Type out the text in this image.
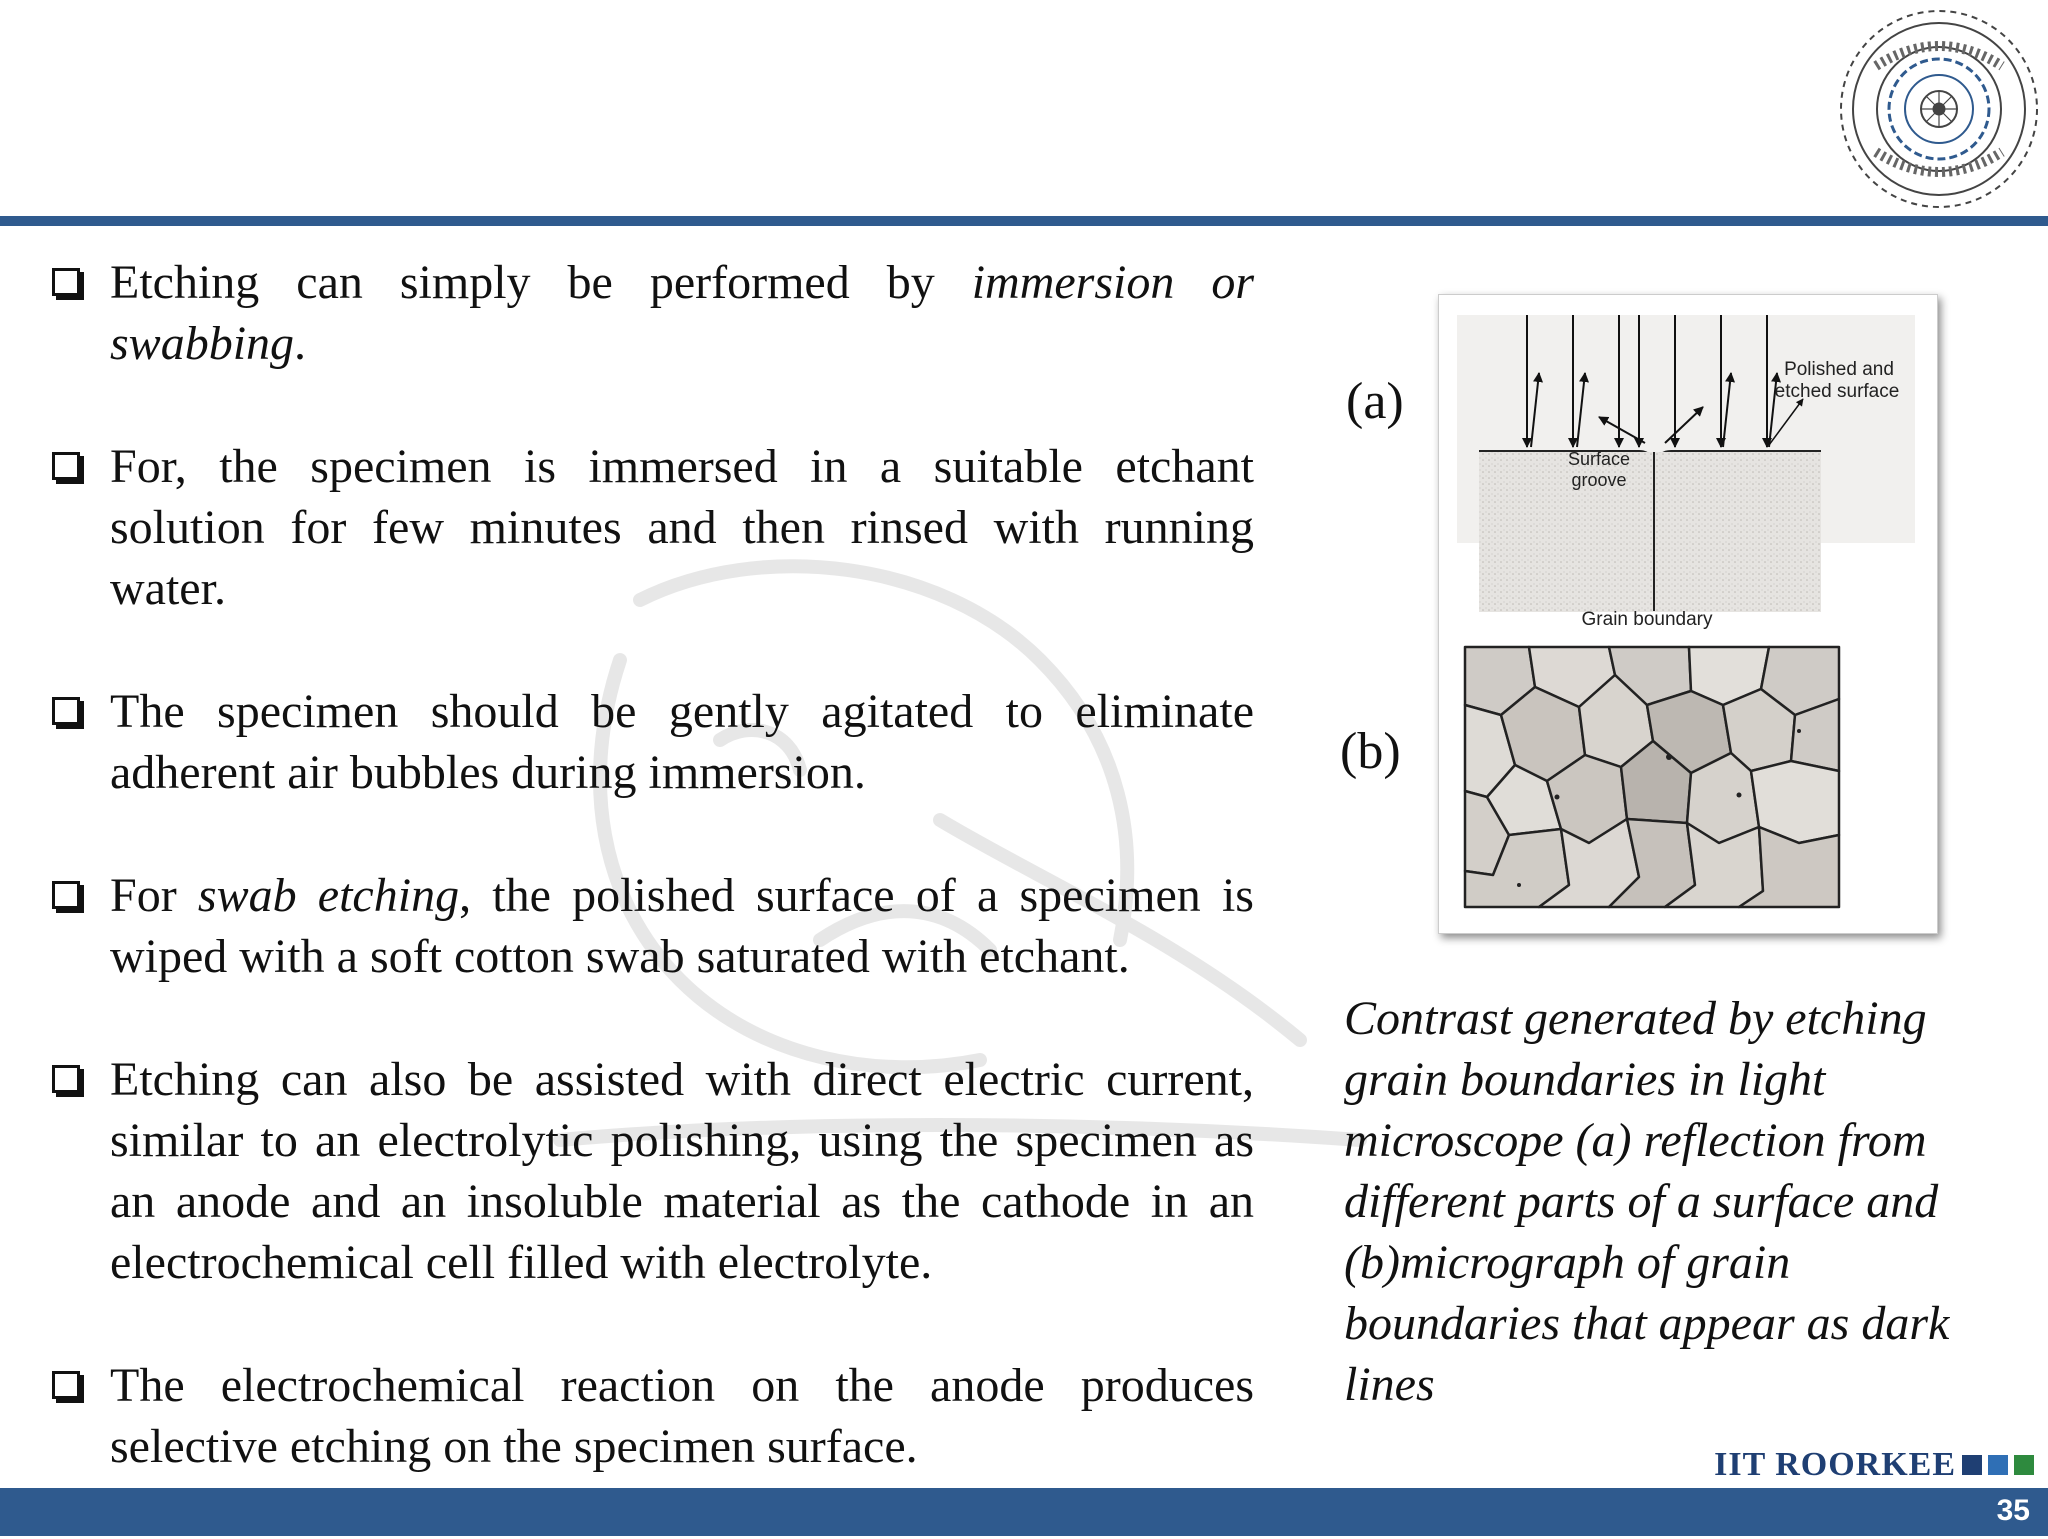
Etching can simply be performed by immersion or swabbing.
For, the specimen is immersed in a suitable etchant solution for few minutes and then rinsed with running water.
The specimen should be gently agitated to eliminate adherent air bubbles during immersion.
For swab etching, the polished surface of a specimen is wiped with a soft cotton swab saturated with etchant.
Etching can also be assisted with direct electric current, similar to an electrolytic polishing, using the specimen as an anode and an insoluble material as the cathode in an electrochemical cell filled with electrolyte.
The electrochemical reaction on the anode produces selective etching on the specimen surface.
(a)
(b)
Polished and
etched surface
Surface
groove
Grain boundary
Contrast generated by etching grain boundaries in light microscope (a) reflection from different parts of a surface and (b)micrograph of grain boundaries that appear as dark lines
IIT ROORKEE
35
